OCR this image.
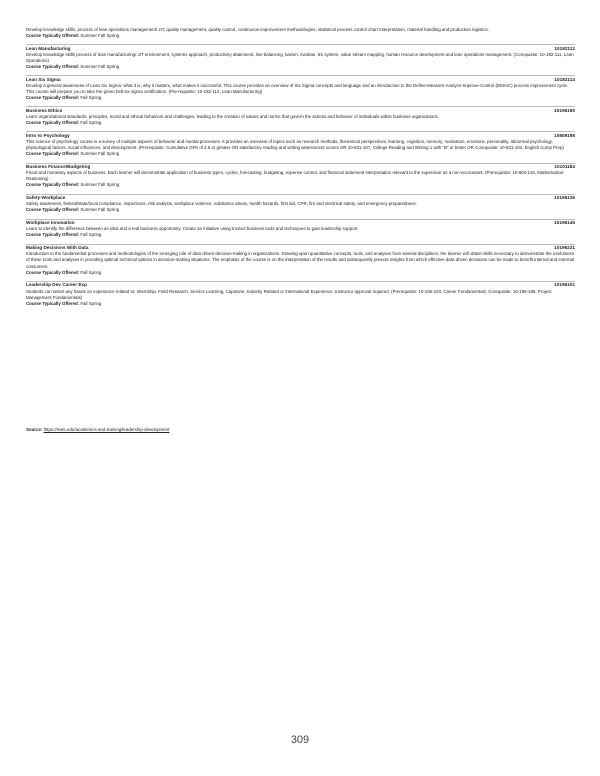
Develop knowledge skills, process of lean operations management/ JIT, quality management, quality control, continuous improvement methodologies, statistical process control chart interpretation, material handling and production logistics.
Course Typically Offered: Summer Fall Spring
Lean Manufacturing	10182112
Develop knowledge skills process of lean manufacturing/ JIT environment, systems approach, productivity attainment, line balancing, kaizen, Kanban, 5S system, value stream mapping, human resource development and lean operations management. (Corequisite: 10-182-111, Lean Operations)
Course Typically Offered: Summer Fall Spring
Lean Six Sigma	10182114
Develop a general awareness of Lean Six Sigma: what it is, why it matters, what makes it successful. This course provides an overview of Six Sigma concepts and language and an introduction to the Define-Measure-Analyze-Improve-Control (DMAIC) process improvement cycle. This course will prepare you to take the green belt six sigma certification. (Pre-requisite: 10-182-112, Lean Manufacturing)
Course Typically Offered: Fall Spring
Business Ethics	10196190
Learn organizational standards, principles, moral and ethical behaviors and challenges, leading to the creation of values and norms that govern the actions and behavior of individuals within business organizations.
Course Typically Offered: Fall Spring
Intro to Psychology	10809198
This science of psychology course is a survey of multiple aspects of behavior and mental processes. It provides an overview of topics such as research methods, theoretical perspectives, learning, cognition, memory, motivation, emotions, personality, abnormal psychology, physiological factors, social influences, and development. (Prerequisite: Cumulative GPA of 2.6 or greater OR satisfactory reading and writing assessment scores OR 10-831-107, College Reading and Writing 1 with "B" or better OR Corequisite: 10-831-102, English Comp Prep)
Course Typically Offered: Summer Fall Spring
Business Finance/Budgeting	10101184
Fiscal and monetary aspects of business. Each learner will demonstrate application of business types, cycles, forecasting, budgeting, expense control, and financial statement interpretation relevant to the supervisor as a non-accountant. (Prerequisite: 10-804-134, Mathematical Reasoning)
Course Typically Offered: Summer Fall Spring
Safety-Workplace	10196136
Safety awareness, federal/state/local compliance, inspections, risk analysis, workplace violence, substance abuse, health hazards, first aid, CPR, fire and electrical safety, and emergency preparedness.
Course Typically Offered: Summer Fall Spring
Workplace Innovation	10196145
Learn to identify the difference between an idea and a real business opportunity. Create an initiative using trusted business tools and techniques to gain leadership support.
Course Typically Offered: Fall Spring
Making Decisions With Data	10196221
Introduction to the fundamental processes and methodologies of the emerging role of data driven decision-making in organizations. Drawing upon quantitative concepts, tools, and analyses from several disciplines, the learner will obtain skills necessary to demonstrate the usefulness of these tools and analyses in providing optimal technical options in decision-making situations. The emphasis of the course is on the interpretation of the results and subsequently present insights from which effective data driven decisions can be made to benefit internal and external consumers.
Course Typically Offered: Fall Spring
Leadership Dev Career Exp	10196101
Students can select any hands on experience related to: Internship, Field Research, Service Learning, Capstone, Industry Related or International Experience. Instructor approval required. (Prerequisite: 10-105-103, Career Fundamentals; Corequisite: 10-196-188, Project Management Fundamentals)
Course Typically Offered: Fall Spring
Source: https://nwtc.edu/academics-and-training/leadership-development
309
